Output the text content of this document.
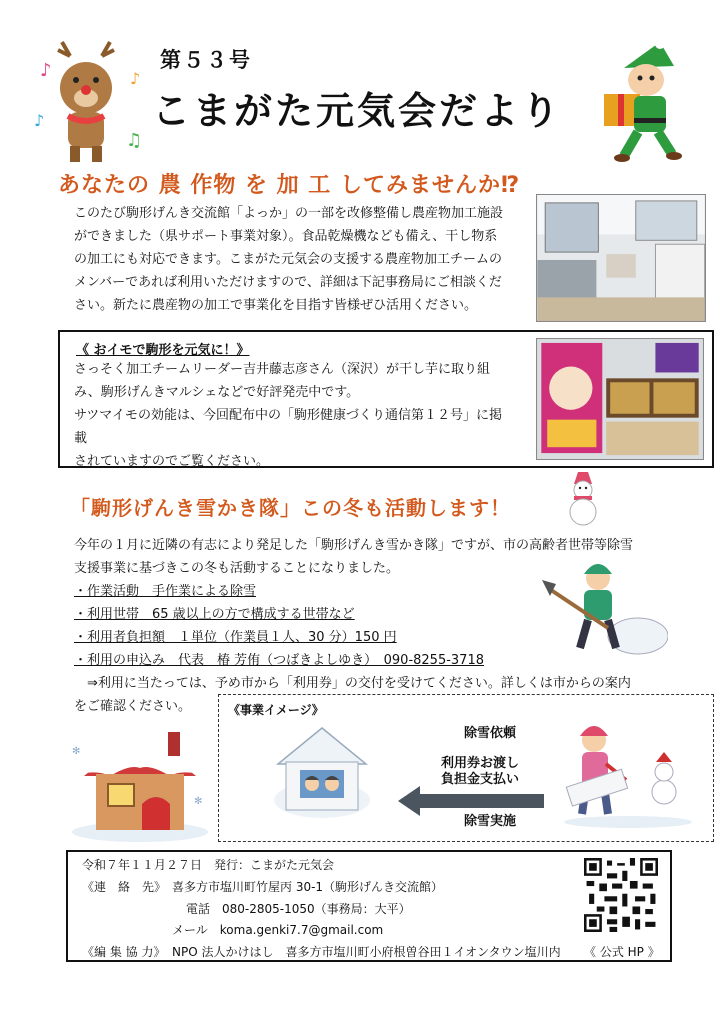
♪	♪
♪
♫
第５３号
こまがた元気会だより
あなたの 農 作物 を 加 工 してみませんか⁉
このたび駒形げんき交流館「よっか」の一部を改修整備し農産物加工施設
ができました（県サポート事業対象）。食品乾燥機なども備え、干し物系
の加工にも対応できます。こまがた元気会の支援する農産物加工チームの
メンバーであれば利用いただけますので、詳細は下記事務局にご相談くだ
さい。新たに農産物の加工で事業化を目指す皆様ぜひ活用ください。
《 おイモで駒形を元気に！》
さっそく加工チームリーダー吉井藤志彦さん（深沢）が干し芋に取り組
み、駒形げんきマルシェなどで好評発売中です。
サツマイモの効能は、今回配布中の「駒形健康づくり通信第１２号」に掲載
されていますのでご覧ください。
「駒形げんき雪かき隊」この冬も活動します！
今年の１月に近隣の有志により発足した「駒形げんき雪かき隊」ですが、市の高齢者世帯等除雪
支援事業に基づきこの冬も活動することになりました。
・作業活動　手作業による除雪
・利用世帯　65 歳以上の方で構成する世帯など
・利用者負担額　１単位（作業員１人、30 分）150 円
・利用の申込み　代表　椿 芳侑（つばきよしゆき）　090-8255-3718
　⇒利用に当たっては、予め市から「利用券」の交付を受けてください。詳しくは市からの案内
をご確認ください。
✻
✻
《事業イメージ》
除雪依頼
利用券お渡し
負担金支払い
除雪実施
令和７年１１月２７日　発行：こまがた元気会
《連　絡　先》 喜多方市塩川町竹屋丙 30-1（駒形げんき交流館）
電話　080-2805-1050（事務局：大平）
メール　koma.genki7.7@gmail.com
《編 集 協 力》 NPO 法人かけはし　喜多方市塩川町小府根曽谷田１イオンタウン塩川内 《 公式 HP 》
